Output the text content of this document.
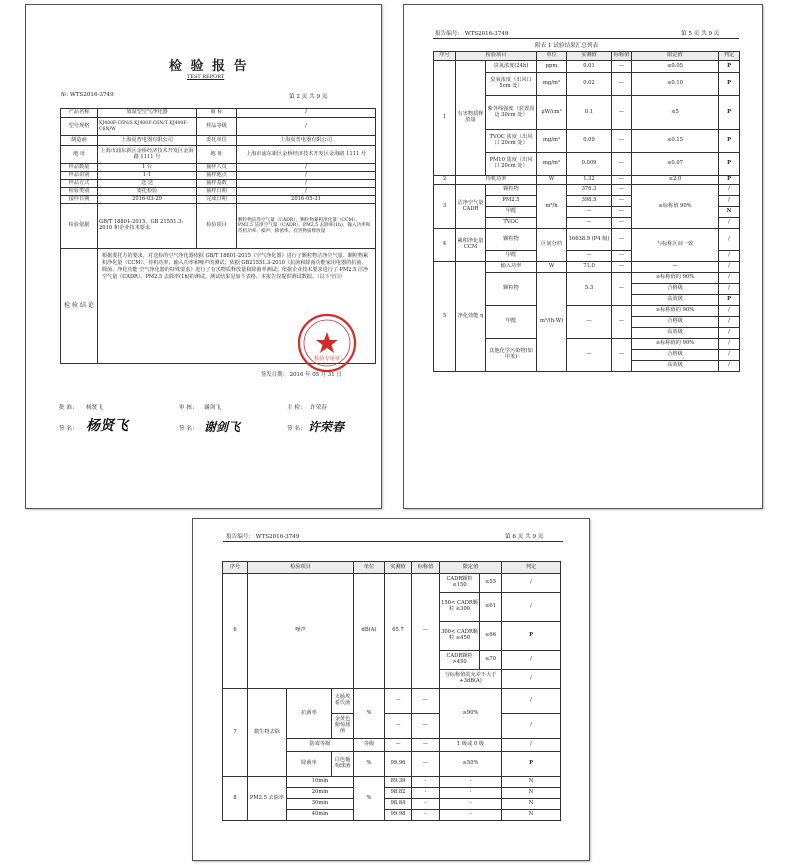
检 验 报 告
TEST REPORT
№: WTS2016-3749	第 2 页 共 9 页
产品名称	加湿型空气净化器	商 标	/
型号规格	KJ400F-C6N/S KJ400F-C6N/T KJ400F-C6N/W	样品等级	/
制造商	上海夏普电器有限公司	委托单位	上海夏普电器有限公司
地 址	上海市浦东新区金桥经济技术开发区金海路 1111 号	地 址	上海市浦东新区金桥经济技术开发区金海路 1111 号
样品数量	1 台	抽样人员	/
样品识别	1-1	抽样地点	/
样品方式	送 送	抽样基数	/
检验类别	委托检验	抽样日期	/
接样日期	2016-03-29	完成日期	2016-05-31
检验依据	GB/T 18801-2015、GB 21551.3-2010 和企业技术要求	检验项目	颗粒物洁净空气量（CADR）、颗粒物累积净化量（CCM）、PM2.5 洁净空气量（CADR）、PM2.5 去除率(1h)、输入功率和待机功率、噪声、除菌率、有害物质释放量
检 验 结 论	根据委托方的要求，对送检的空气净化器依据 GB/T 18801-2015《空气净化器》进行了颗粒物洁净空气量、颗粒物累积净化量（CCM）、待机功率、输入功率和噪声的测试；依据 GB21551.3-2010《抗菌和除菌功能家用电器的抗菌、除菌、净化功能 空气净化器的特殊要求》进行了有害物质释放量和除菌率测试；依据企业技术要求进行了 PM2.5 洁净空气量（CADR）、PM2.5 去除率(1h)的测试。测试结果见如下表格。本报告仅提供测试数据。（以下空白）		
签发日期： 2016 年 05 月 31 日
检验专用章
批 准： 杨贤飞	审 核： 谢剑飞	主 检： 许荣春
签 名：	签 名：	签 名：
杨贤飞	谢剑飞	许荣春
报告编号： WTS2016-3749	第 5 页 共 9 页
附表 1 试验结果汇总列表
序号	检验项目		单位	实测值	标称值	限定值	判定
1	有害物质释放量	臭氧浓度(24h)	ppm	0.01	—	≤0.05	P
		臭氧浓度（出风口 5cm 处）	mg/m³	0.02	—	≤0.10	P
		紫外线强度（装置周边 30cm 处）	μW/cm²	0.1	—	≤5	P
		TVOC 浓度（出风口 20cm 处）	mg/m³	0.09	—	≤0.15	P
		PM10 浓度（出风口 20cm 处）	mg/m³	0.009	—	≤0.07	P
2	待机功率		W	1.32	—	≤2.0	P
3	洁净空气量 CADR	颗粒物	m³/h	376.3	—	≥标称值 90%	/
		PM2.5		398.5	—		/
		甲醛		—	—		N
		TVOC		—	—		/
4	累积净化量 CCM	颗粒物	区间分档	16638.9 (P4 级)	—	与标称区间一致	/
		甲醛		—	—		/
5	净化效能 η	输入功率	W	71.0	—	—	/
		颗粒物	m³/(h·W)	5.3	—	≥标称值的 90%	/
						合格级	/
						高效级	P
		甲醛		—	—	≥标称值的 90%	/
						合格级	/
						高效级	/
		其他化学污染物(如甲苯)		—	—	≥标称值的 90%	/
						合格级	/
						高效级	/
报告编号： WTS2016-3749	第 6 页 共 9 页
序号	检验项目			单位	实测值	标称值	限定值		判定
6	噪声			dB(A)	65.7	—	CADR颗粒 ≤150	≤55	/
							150< CADR颗粒 ≤300	≤61	/
							300< CADR颗粒 ≤450	≤66	P
							CADR颗粒 >450	≤70	/
							与标称值的允差不大于+3dB(A)		/
7	微生物去除	抗菌率	大肠埃希氏菌	%	—	—	≥90%		/
			金黄色葡萄球菌		—	—			/
		防霉等级		等级	—	—	1 级或 0 级		/
		除菌率	白色葡萄球菌	%	99.96	—	≥50%		P
8	PM2.5 去除率	10min		%	89.39	-	-		N
		20min			98.82	-	-		N
		30min			98.84	-	-		N
		40min			99.98	-	-		N
